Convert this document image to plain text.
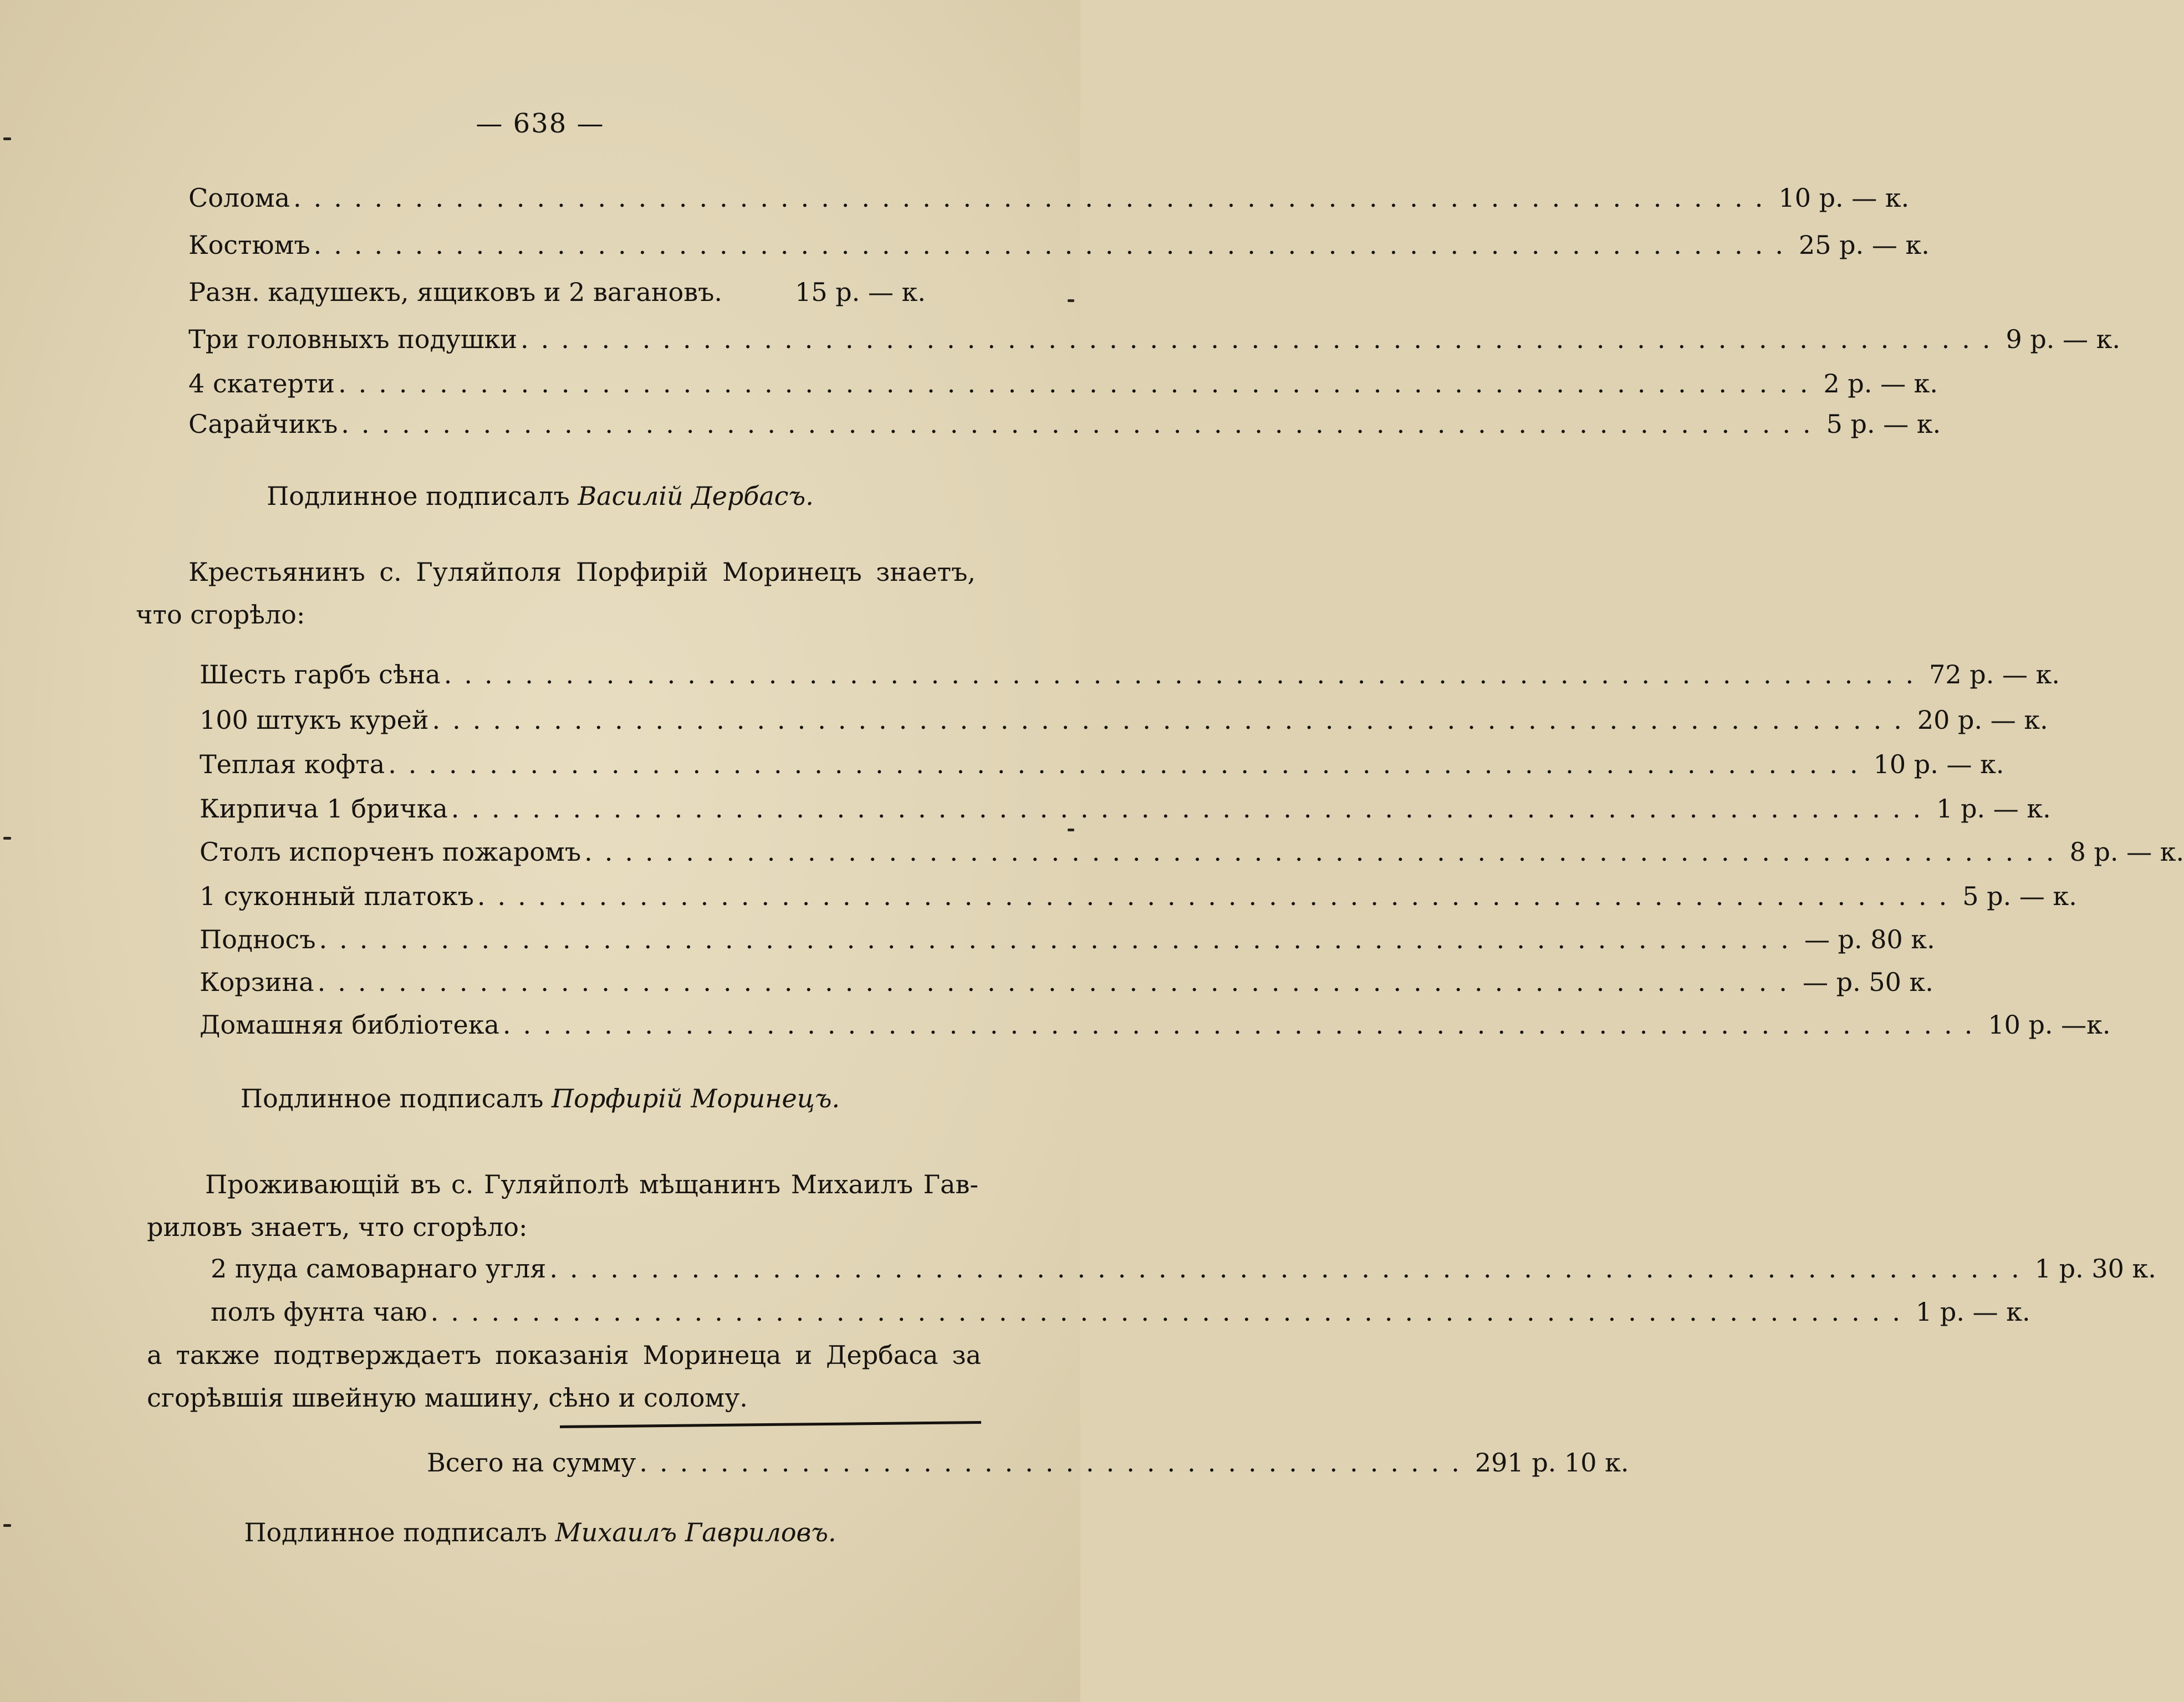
— 638 —
Солома ......................................................................... 10 р. — к.
Костюмъ ......................................................................... 25 р. — к.
Разн. кадушекъ, ящиковъ и 2 вагановъ.	15 р. — к.
Три головныхъ подушки ......................................................................... 9 р. — к.
4 скатерти ......................................................................... 2 р. — к.
Сарайчикъ ......................................................................... 5 р. — к.
Подлинное подписалъ Василій Дербасъ.
Крестьянинъ с. Гуляйполя Порфирій Моринецъ знаетъ,
что сгорѣло:
Шесть гарбъ сѣна ......................................................................... 72 р. — к.
100 штукъ курей ......................................................................... 20 р. — к.
Теплая кофта ......................................................................... 10 р. — к.
Кирпича 1 бричка ......................................................................... 1 р. — к.
Столъ испорченъ пожаромъ ......................................................................... 8 р. — к.
1 суконный платокъ ......................................................................... 5 р. — к.
Подносъ ......................................................................... — р. 80 к.
Корзина ......................................................................... — р. 50 к.
Домашняя библіотека ......................................................................... 10 р. —к.
Подлинное подписалъ Порфирій Моринецъ.
Проживающій въ с. Гуляйполѣ мѣщанинъ Михаилъ Гав-
риловъ знаетъ, что сгорѣло:
2 пуда самоварнаго угля ......................................................................... 1 р. 30 к.
полъ фунта чаю ......................................................................... 1 р. — к.
а также подтверждаетъ показанія Моринеца и Дербаса за
сгорѣвшія швейную машину, сѣно и солому.
Всего на сумму ......................................... 291 р. 10 к.
Подлинное подписалъ Михаилъ Гавриловъ.
